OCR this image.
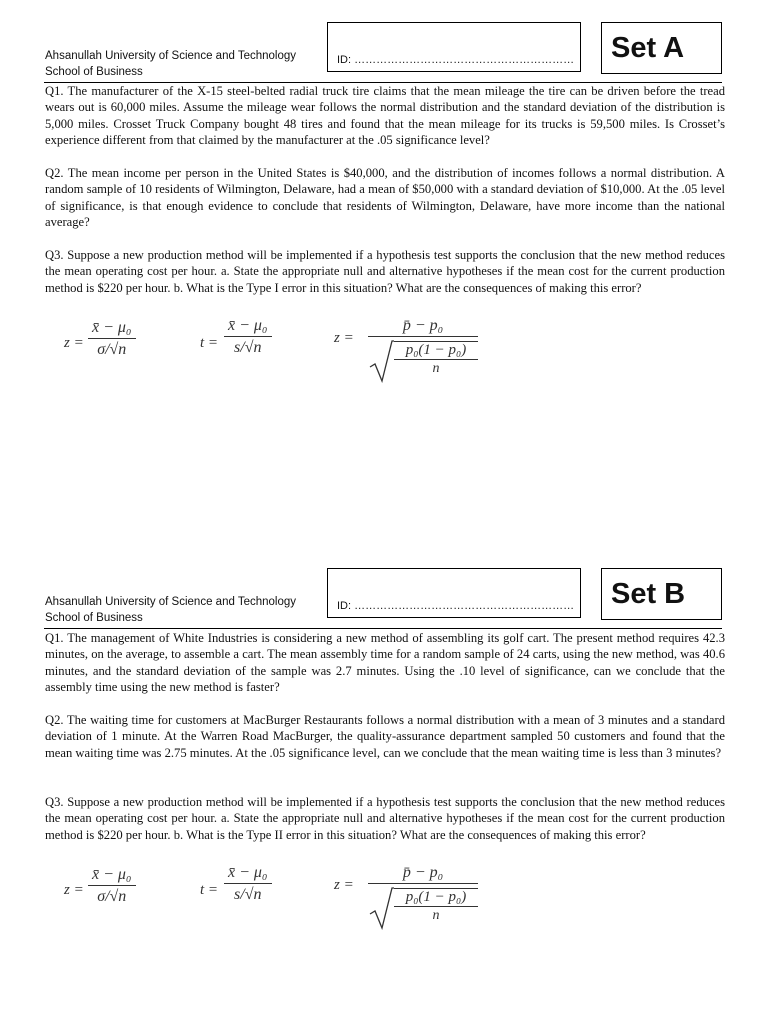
Ahsanullah University of Science and Technology
School of Business
ID: ……………………………………………………	Set A

Q1. The manufacturer of the X-15 steel-belted radial truck tire claims that the mean mileage the tire can be driven before the tread wears out is 60,000 miles. Assume the mileage wear follows the normal distribution and the standard deviation of the distribution is 5,000 miles. Crosset Truck Company bought 48 tires and found that the mean mileage for its trucks is 59,500 miles. Is Crosset’s experience different from that claimed by the manufacturer at the .05 significance level?

Q2. The mean income per person in the United States is $40,000, and the distribution of incomes follows a normal distribution. A random sample of 10 residents of Wilmington, Delaware, had a mean of $50,000 with a standard deviation of $10,000. At the .05 level of significance, is that enough evidence to conclude that residents of Wilmington, Delaware, have more income than the national average?

Q3. Suppose a new production method will be implemented if a hypothesis test supports the conclusion that the new method reduces the mean operating cost per hour. a. State the appropriate null and alternative hypotheses if the mean cost for the current production method is $220 per hour. b. What is the Type I error in this situation? What are the consequences of making this error?

$z = \frac{\text{x̄ − μ₀}}{\sigma/√n}$	$t = \frac{\text{x̄ − μ₀}}{s/√n}$	z = p̄ − p₀
p₀(1 − p₀)
n
Ahsanullah University of Science and Technology
School of Business
ID: ……………………………………………………	Set B

Q1. The management of White Industries is considering a new method of assembling its golf cart. The present method requires 42.3 minutes, on the average, to assemble a cart. The mean assembly time for a random sample of 24 carts, using the new method, was 40.6 minutes, and the standard deviation of the sample was 2.7 minutes. Using the .10 level of significance, can we conclude that the assembly time using the new method is faster?

Q2. The waiting time for customers at MacBurger Restaurants follows a normal distribution with a mean of 3 minutes and a standard deviation of 1 minute. At the Warren Road MacBurger, the quality-assurance department sampled 50 customers and found that the mean waiting time was 2.75 minutes. At the .05 significance level, can we conclude that the mean waiting time is less than 3 minutes?

Q3. Suppose a new production method will be implemented if a hypothesis test supports the conclusion that the new method reduces the mean operating cost per hour. a. State the appropriate null and alternative hypotheses if the mean cost for the current production method is $220 per hour. b. What is the Type II error in this situation? What are the consequences of making this error?

$z = \frac{\text{x̄ − μ₀}}{\sigma/√n}$	$t = \frac{\text{x̄ − μ₀}}{s/√n}$	z = p̄ − p₀
p₀(1 − p₀)
n
